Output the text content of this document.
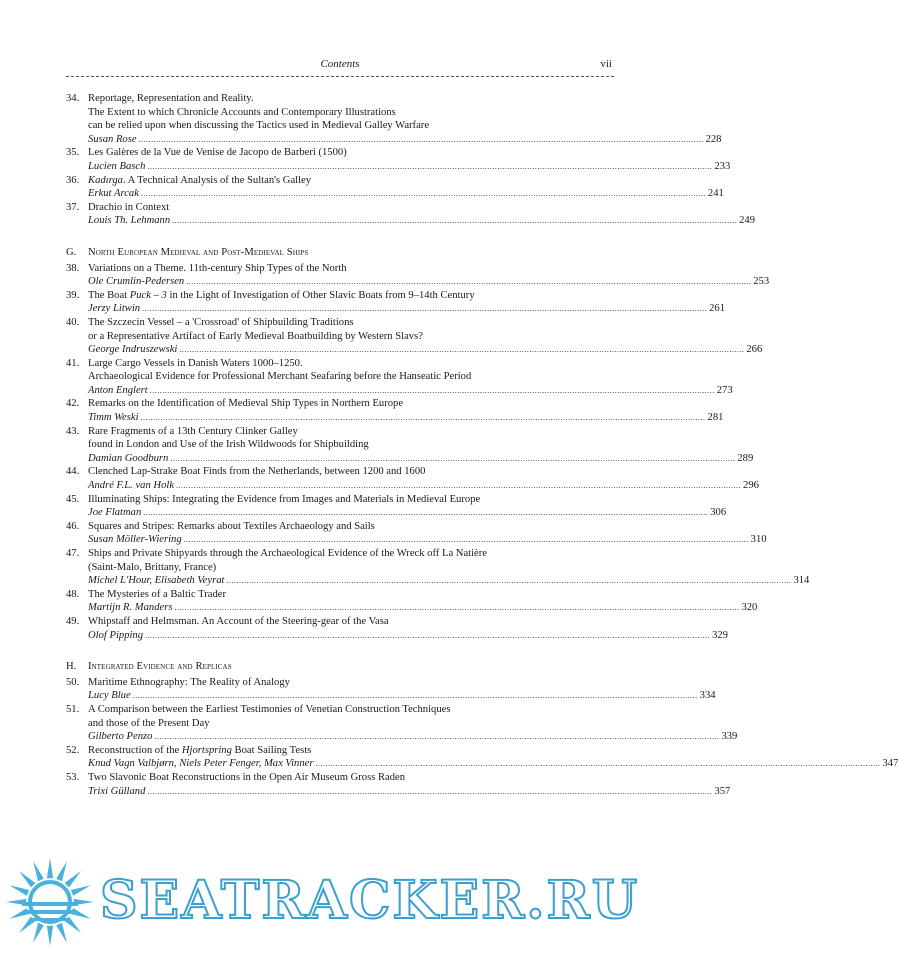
Contents	vii
34. Reportage, Representation and Reality.
The Extent to which Chronicle Accounts and Contemporary Illustrations
can be relied upon when discussing the Tactics used in Medieval Galley Warfare
Susan Rose .....	228
35. Les Galères de la Vue de Venise de Jacopo de Barberi (1500)
Lucien Basch .....	233
36. Kadırga. A Technical Analysis of the Sultan's Galley
Erkut Arcak .....	241
37. Drachio in Context
Louis Th. Lehmann .....	249
G.	North European Medieval and Post-Medieval Ships
38. Variations on a Theme. 11th-century Ship Types of the North
Ole Crumlin-Pedersen .....	253
39. The Boat Puck – 3 in the Light of Investigation of Other Slavic Boats from 9–14th Century
Jerzy Litwin .....	261
40. The Szczecin Vessel – a 'Crossroad' of Shipbuilding Traditions
or a Representative Artifact of Early Medieval Boatbuilding by Western Slavs?
George Indruszewski .....	266
41. Large Cargo Vessels in Danish Waters 1000–1250.
Archaeological Evidence for Professional Merchant Seafaring before the Hanseatic Period
Anton Englert .....	273
42. Remarks on the Identification of Medieval Ship Types in Northern Europe
Timm Weski .....	281
43. Rare Fragments of a 13th Century Clinker Galley
found in London and Use of the Irish Wildwoods for Shipbuilding
Damian Goodburn .....	289
44. Clenched Lap-Strake Boat Finds from the Netherlands, between 1200 and 1600
André F.L. van Holk .....	296
45. Illuminating Ships: Integrating the Evidence from Images and Materials in Medieval Europe
Joe Flatman .....	306
46. Squares and Stripes: Remarks about Textiles Archaeology and Sails
Susan Möller-Wiering .....	310
47. Ships and Private Shipyards through the Archaeological Evidence of the Wreck off La Natière
(Saint-Malo, Brittany, France)
Michel L'Hour, Elisabeth Veyrat .....	314
48. The Mysteries of a Baltic Trader
Martijn R. Manders .....	320
49. Whipstaff and Helmsman. An Account of the Steering-gear of the Vasa
Olof Pipping .....	329
H.	Integrated Evidence and Replicas
50. Maritime Ethnography: The Reality of Analogy
Lucy Blue .....	334
51. A Comparison between the Earliest Testimonies of Venetian Construction Techniques
and those of the Present Day
Gilberto Penzo .....	339
52. Reconstruction of the Hjortspring Boat Sailing Tests
Knud Vagn Valbjørn, Niels Peter Fenger, Max Vinner .....	347
53. Two Slavonic Boat Reconstructions in the Open Air Museum Gross Raden
Trixi Gülland .....	357
SEATRACKER.RU
